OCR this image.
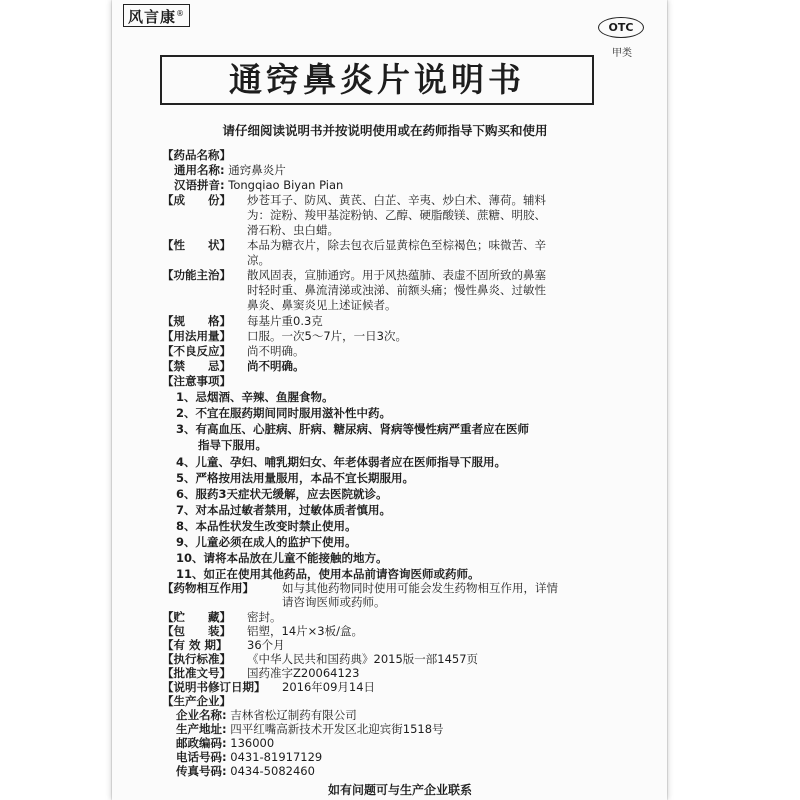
风言康®
OTC
甲类
通窍鼻炎片说明书
请仔细阅读说明书并按说明使用或在药师指导下购买和使用
【药品名称】
通用名称: 通窍鼻炎片
汉语拼音: Tongqiao Biyan Pian
【成　　份】 炒苍耳子、防风、黄芪、白芷、辛夷、炒白术、薄荷。辅料
为：淀粉、羧甲基淀粉钠、乙醇、硬脂酸镁、蔗糖、明胶、
滑石粉、虫白蜡。
【性　　状】 本品为糖衣片，除去包衣后显黄棕色至棕褐色；味微苦、辛
凉。
【功能主治】 散风固表，宣肺通窍。用于风热蕴肺、表虚不固所致的鼻塞
时轻时重、鼻流清涕或浊涕、前额头痛；慢性鼻炎、过敏性
鼻炎、鼻窦炎见上述证候者。
【规　　格】 每基片重0.3克
【用法用量】 口服。一次5～7片，一日3次。
【不良反应】 尚不明确。
【禁　　忌】 尚不明确。
【注意事项】
1、忌烟酒、辛辣、鱼腥食物。
2、不宜在服药期间同时服用滋补性中药。
3、有高血压、心脏病、肝病、糖尿病、肾病等慢性病严重者应在医师
指导下服用。
4、儿童、孕妇、哺乳期妇女、年老体弱者应在医师指导下服用。
5、严格按用法用量服用，本品不宜长期服用。
6、服药3天症状无缓解，应去医院就诊。
7、对本品过敏者禁用，过敏体质者慎用。
8、本品性状发生改变时禁止使用。
9、儿童必须在成人的监护下使用。
10、请将本品放在儿童不能接触的地方。
11、如正在使用其他药品，使用本品前请咨询医师或药师。
【药物相互作用】 如与其他药物同时使用可能会发生药物相互作用，详情
请咨询医师或药师。
【贮　　藏】 密封。
【包　　装】 铝塑，14片×3板/盒。
【有 效 期】 36个月
【执行标准】 《中华人民共和国药典》2015版一部1457页
【批准文号】 国药准字Z20064123
【说明书修订日期】 2016年09月14日
【生产企业】
企业名称: 吉林省松辽制药有限公司
生产地址: 四平红嘴高新技术开发区北迎宾街1518号
邮政编码: 136000
电话号码: 0431-81917129
如有问题可与生产企业联系
传真号码: 0434-5082460
